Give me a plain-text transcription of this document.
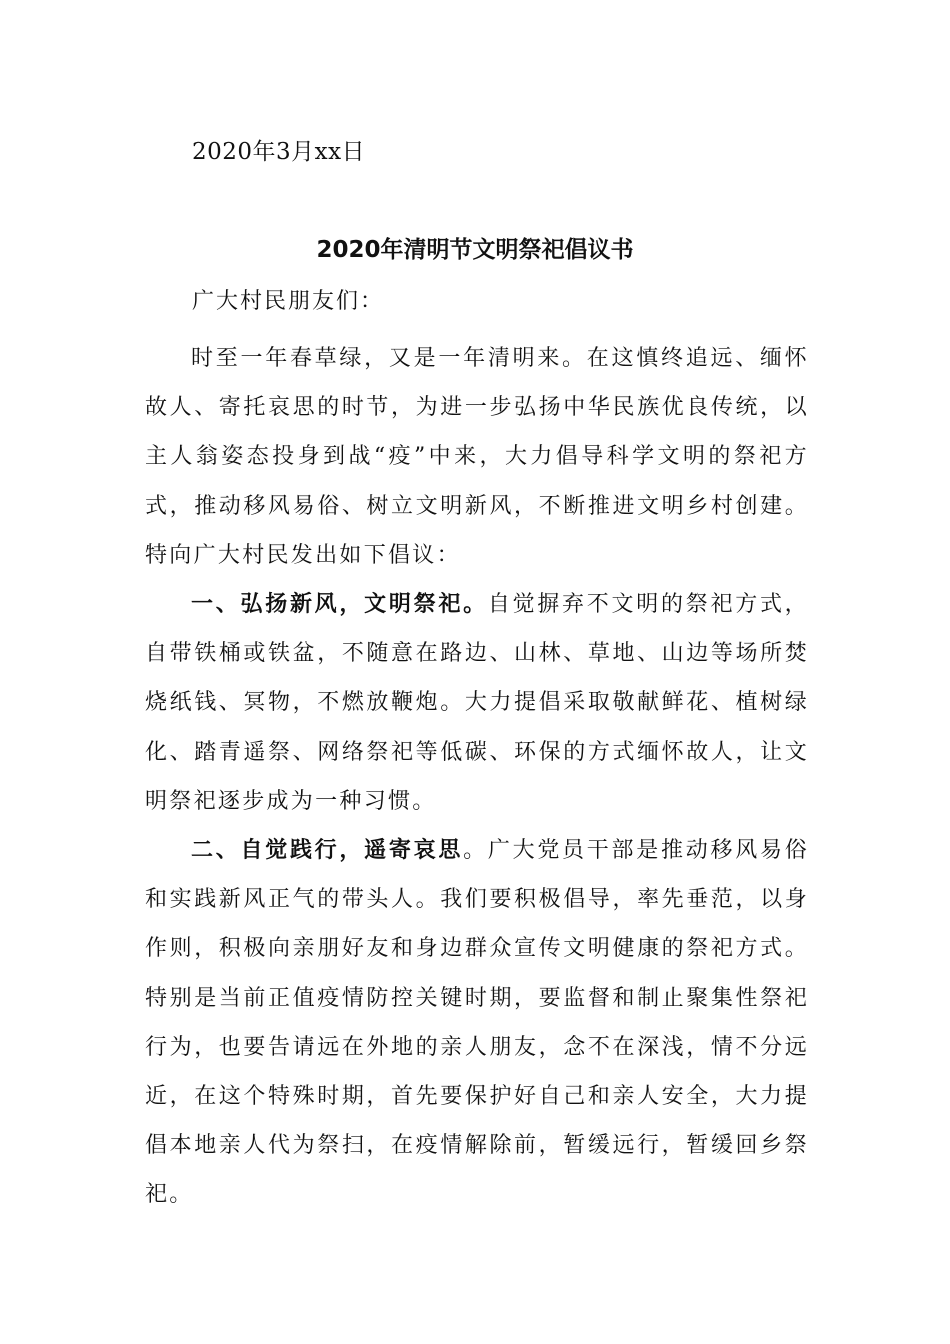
2020年3月xx日
2020年清明节文明祭祀倡议书
广大村民朋友们：

时至一年春草绿，又是一年清明来。在这慎终追远、缅怀故人、寄托哀思的时节，为进一步弘扬中华民族优良传统，以主人翁姿态投身到战“疫”中来，大力倡导科学文明的祭祀方式，推动移风易俗、树立文明新风，不断推进文明乡村创建。特向广大村民发出如下倡议：

一、弘扬新风，文明祭祀。自觉摒弃不文明的祭祀方式，自带铁桶或铁盆，不随意在路边、山林、草地、山边等场所焚烧纸钱、冥物，不燃放鞭炮。大力提倡采取敬献鲜花、植树绿化、踏青遥祭、网络祭祀等低碳、环保的方式缅怀故人，让文明祭祀逐步成为一种习惯。

二、自觉践行，遥寄哀思。广大党员干部是推动移风易俗和实践新风正气的带头人。我们要积极倡导，率先垂范，以身作则，积极向亲朋好友和身边群众宣传文明健康的祭祀方式。特别是当前正值疫情防控关键时期，要监督和制止聚集性祭祀行为，也要告请远在外地的亲人朋友，念不在深浅，情不分远近，在这个特殊时期，首先要保护好自己和亲人安全，大力提倡本地亲人代为祭扫，在疫情解除前，暂缓远行，暂缓回乡祭祀。
